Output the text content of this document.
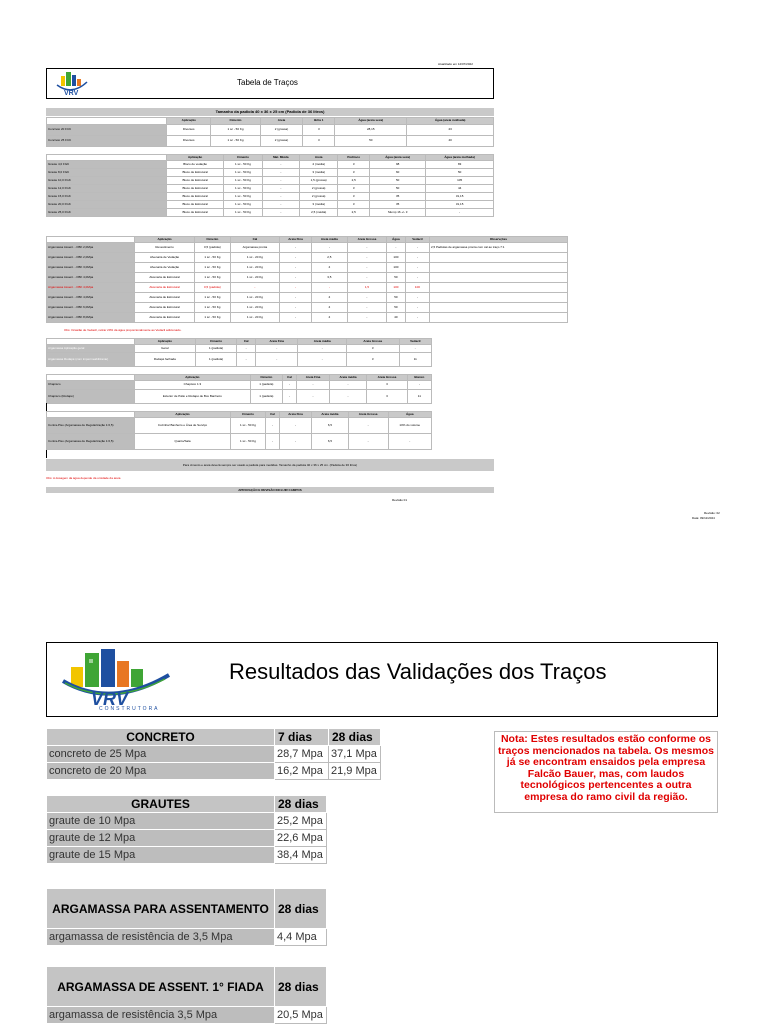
Atualizado em 12/07/2022
VRV
Tabela de Traços
Tamanho da padiola 40 x 36 x 25 cm (Padiola de 36 litros)
	Aplicação	Cimento	Areia	Brita 1	Água (areia seca)	Água (areia molhada)
Concreto 20 FCK	Diversos	1 sc - 50 Kg	2 (grossa)	3	28,15	23
Concreto 25 FCK	Diversos	1 sc - 50 Kg	2 (grossa)	3	50	40
	Aplicação	Cimento	Mat. Miúda	Areia	Pedrisco	Água (areia seca)	Água (areia molhada)
Graute 4,0 FGK	Bloco de vedação	1 sc - 50 Kg	-	4 (média)	3	98	83
Graute 8,0 FGK	Bloco de Estrutural	1 sc - 50 Kg	-	3 (média)	3	60	50
Graute 10,0 FGK	Bloco de Estrutural	1 sc - 50 Kg	-	1,5 (grossa)	2,5	50	105
Graute 12,0 FGK	Bloco de Estrutural	1 sc - 50 Kg	-	2 (grossa)	3	50	44
Graute 15,0 FGK	Bloco de Estrutural	1 sc - 50 Kg	-	2 (grossa)	3	35	31,15
Graute 20,0 FGK	Bloco de Estrutural	1 sc - 50 Kg	-	3 (média)	3	35	31,15
Graute 25,0 FGK	Bloco de Estrutural	1 sc - 50 Kg	-	2,5 (média)	2,5	Slump 16 +/- 3	-
	Aplicação	Cimento	Cal	Areia Fina	Areia média	Areia Grossa	Água	Vedacil	Observções
Argamassa Assent. - FBK 2,0Mpa	Revestimento	0,5 (padiola)	Argamassa pronta	-	-	-	-	-	2,5 Padiolas de argamassa pronta com cal ao traço 7:1
Argamassa Assent. - FBK 2,0Mpa	Alvenaria de Vedação	1 sc - 50 Kg	1 sc - 20 Kg	-	2,5	-	100	-	
Argamassa Assent. - FBK 3,0Mpa	Alvenaria de Vedação	1 sc - 50 Kg	1 sc - 20 Kg	-	4	-	100	-	
Argamassa Assent. - FBK 4,0Mpa	Alvenaria de Estrutural	1 sc - 50 Kg	1 sc - 20 Kg	-	3,5	-	50	-	
Argamassa Assent. - FBK 4,0Mpa	Alvenaria de Estrutural	0,5 (padiola)	-	-	-	1,5	100	100	
Argamassa Assent. - FBK 4,0Mpa	Alvenaria de Estrutural	1 sc - 50 Kg	1 sc - 20 Kg	-	4	-	50	-	
Argamassa Assent. - FBK 6,0Mpa	Alvenaria de Estrutural	1 sc - 50 Kg	1 sc - 20 Kg	-	4	-	50	-	
Argamassa Assent. - FBK 8,0Mpa	Alvenaria de Estrutural	1 sc - 50 Kg	1 sc - 20 Kg	-	4	-	40	-	
Obs: Ocasião de Vedacil, retirar 20% da água proporcionalmente ao Vedacil adicionado.
	Aplicação	Cimento	Cal	Areia Fina	Areia média	Areia Grossa	Vedacil
Argamassa Aplicação geral	Geral	1 (padiola)	-	-	-	3	-
Argamassa Rodapé (com impermeabilizante)	Rodapé fachada	1 (padiola)	-	-	-	3	11
	Aplicação	Cimento	Cal	Areia Fina	Areia média	Areia Grossa	Bianco
Chapisco	Chapisco 1:3	1 (padiola)	-	-	-	3	-
Chapisco (Rodapé)	Exterior de Pátio e Rodapé de Box Banheiro	1 (padiola)	-	-	-	3	11
	Aplicação	Cimento	Cal	Areia Fina	Areia média	Areia Grossa	Água
Contra-Piso (Argamassa de Regularização 1:6,5)	Cozinha/ Banheiro e Área de Serviço	1 sc - 50 Kg	-	-	6,5	-	10% do volume
Contra-Piso (Argamassa de Regularização 1:6,5)	Quarto/Sala	1 sc - 50 Kg	-	-	6,5	-	-
Para cimento e areia deverá sempre ser usado a padiola para medidas. Tamanho da padiola 40 x 36 x 25 cm. (Padiola de 36 litros)
Obs: A dosagem da água depende da umidade da areia
APROVAÇÃO E REVISÃO INCLUIR CAMPOS
Revisão 01
Revisão: 02
Data: 09/11/2024
VRV
CONSTRUTORA
Resultados das Validações dos Traços
CONCRETO	7 dias	28 dias
concreto de 25 Mpa	28,7 Mpa	37,1 Mpa
concreto de 20 Mpa	16,2 Mpa	21,9 Mpa
GRAUTES	28 dias
graute de 10 Mpa	25,2 Mpa
graute de 12 Mpa	22,6 Mpa
graute de 15 Mpa	38,4 Mpa
ARGAMASSA PARA ASSENTAMENTO	28 dias
argamassa de resistência de 3,5 Mpa	4,4 Mpa
ARGAMASSA DE ASSENT. 1° FIADA	28 dias
argamassa de resistência 3,5 Mpa	20,5 Mpa
Nota: Estes resultados estão conforme os traços mencionados na tabela. Os mesmos já se encontram ensaidos pela empresa Falcão Bauer, mas, com laudos tecnológicos pertencentes a outra empresa do ramo civil da região.
